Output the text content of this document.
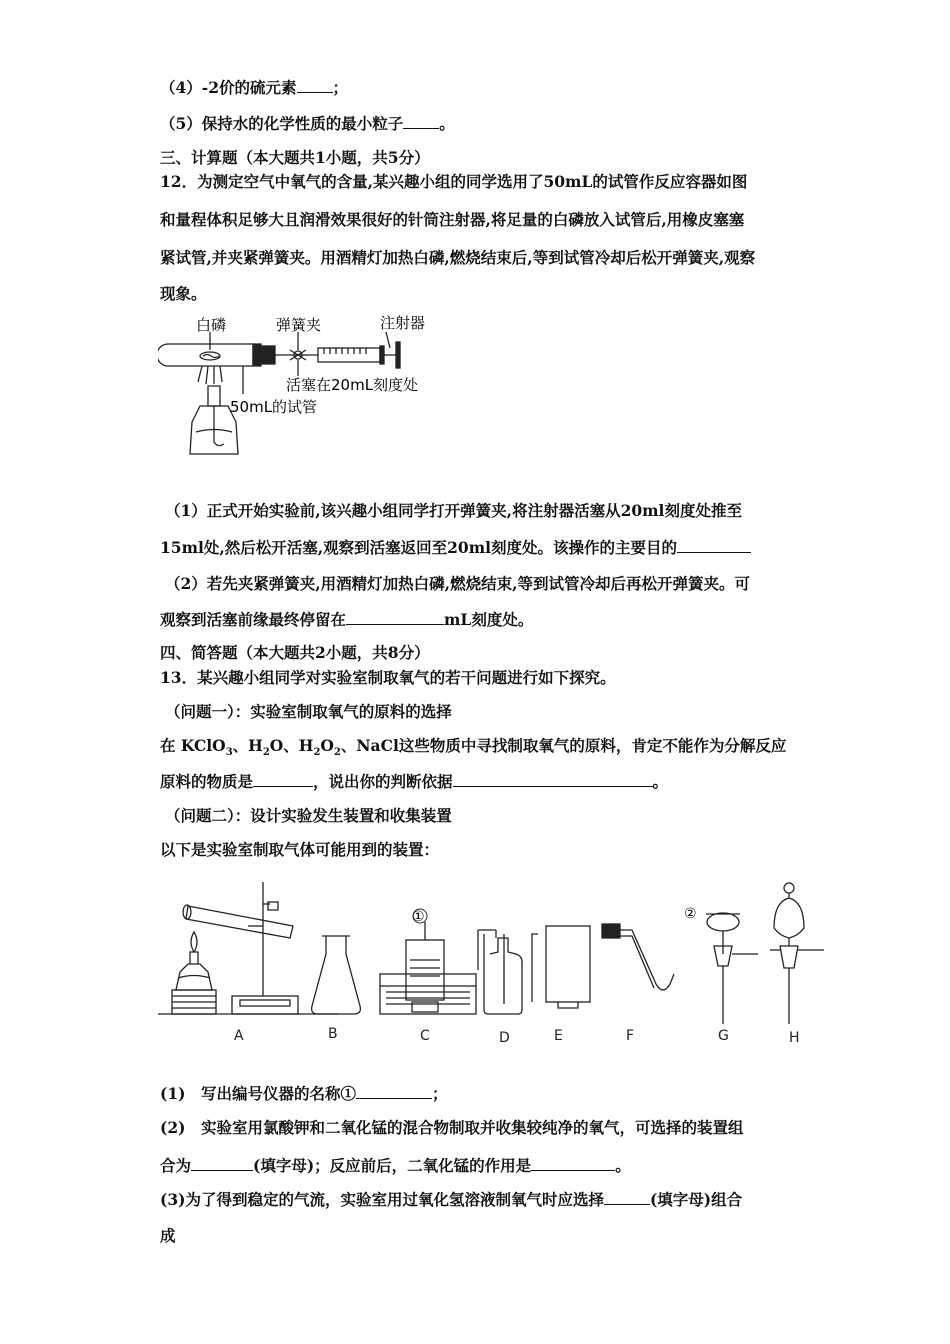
（4）-2价的硫元素 ；
（5）保持水的化学性质的最小粒子 。
三、计算题（本大题共1小题，共5分）
12．为测定空气中氧气的含量,某兴趣小组的同学选用了50mL的试管作反应容器如图
和量程体积足够大且润滑效果很好的针筒注射器,将足量的白磷放入试管后,用橡皮塞塞
紧试管,并夹紧弹簧夹。用酒精灯加热白磷,燃烧结束后,等到试管冷却后松开弹簧夹,观察
现象。
白磷	弹簧夹	注射器
活塞在20mL刻度处
50mL的试管
（1）正式开始实验前,该兴趣小组同学打开弹簧夹,将注射器活塞从20ml刻度处推至
15ml处,然后松开活塞,观察到活塞返回至20ml刻度处。该操作的主要目的
（2）若先夹紧弹簧夹,用酒精灯加热白磷,燃烧结束,等到试管冷却后再松开弹簧夹。可
观察到活塞前缘最终停留在	mL刻度处。
四、简答题（本大题共2小题，共8分）
13．某兴趣小组同学对实验室制取氧气的若干问题进行如下探究。
（问题一）：实验室制取氧气的原料的选择
在 KClO$_3$、$H_2O$、$H_2O_2$、NaCl这些物质中寻找制取氧气的原料，肯定不能作为分解反应
原料的物质是	，说出你的判断依据	。
（问题二）：设计实验发生装置和收集装置
以下是实验室制取气体可能用到的装置：
①	②
A	B	C	D	E	F	G	H
(1)　写出编号仪器的名称①	；
(2)　实验室用氯酸钾和二氧化锰的混合物制取并收集较纯净的氧气，可选择的装置组
合为	(填字母)；反应前后，二氧化锰的作用是	。
(3)为了得到稳定的气流，实验室用过氧化氢溶液制氧气时应选择	(填字母)组合
成
